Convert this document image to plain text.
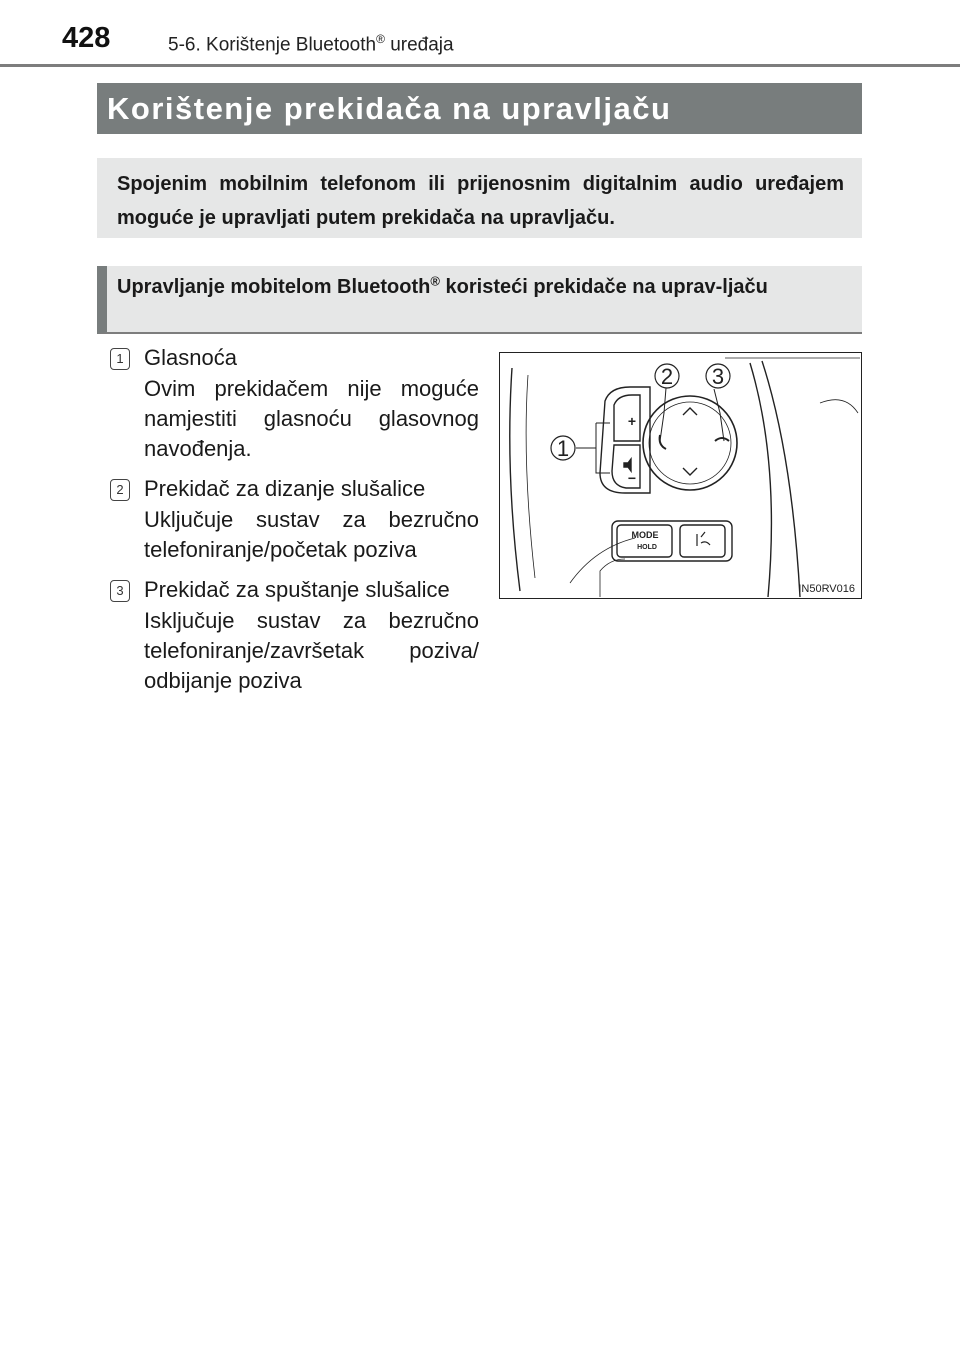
428	5-6. Korištenje Bluetooth® uređaja
Korištenje prekidača na upravljaču
Spojenim mobilnim telefonom ili prijenosnim digitalnim audio uređajem moguće je upravljati putem prekidača na upravljaču.
Upravljanje mobitelom Bluetooth® koristeći prekidače na uprav-ljaču
1 Glasnoća
Ovim prekidačem nije moguće namjestiti glasnoću glasovnog navođenja.
2 Prekidač za dizanje slušalice
Uključuje sustav za bezručno telefoniranje/početak poziva
3 Prekidač za spuštanje slušalice
Isključuje sustav za bezručno telefoniranje/završetak poziva/ odbijanje poziva
2 3
1
+
−
MODE
HOLD
IN50RV016
